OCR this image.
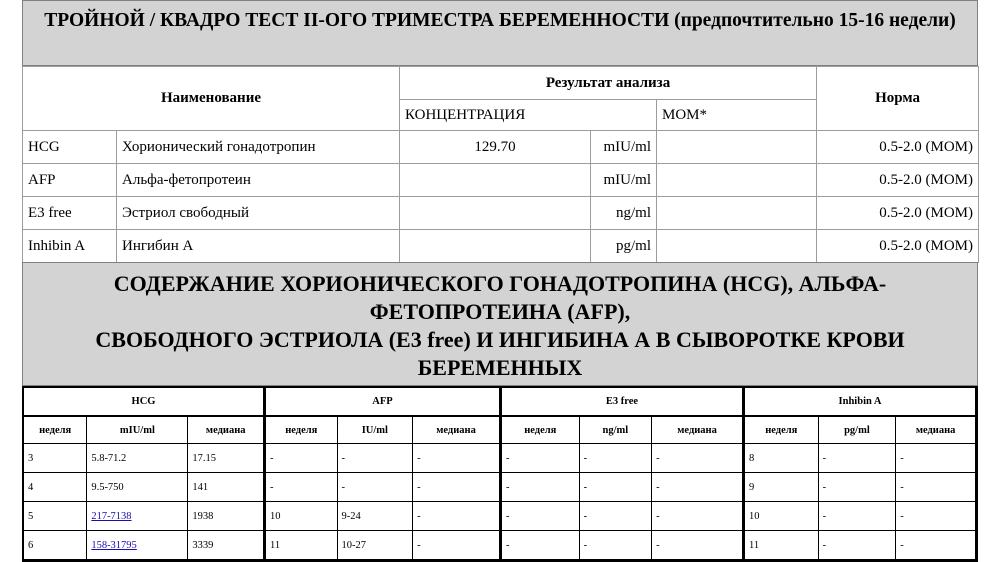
ТРОЙНОЙ / КВАДРО ТЕСТ II-ОГО ТРИМЕСТРА БЕРЕМЕННОСТИ (предпочтительно 15-16 недели)
Наименование		Результат анализа			Норма
		КОНЦЕНТРАЦИЯ		МОМ*	
HCG	Хорионический гонадотропин	129.70	mIU/ml		0.5-2.0 (МОМ)
AFP	Альфа-фетопротеин		mIU/ml		0.5-2.0 (МОМ)
E3 free	Эстриол свободный		ng/ml		0.5-2.0 (МОМ)
Inhibin A	Ингибин А		pg/ml		0.5-2.0 (МОМ)
СОДЕРЖАНИЕ ХОРИОНИЧЕСКОГО ГОНАДОТРОПИНА (HCG), АЛЬФА-
ФЕТОПРОТЕИНА (AFP),
СВОБОДНОГО ЭСТРИОЛА (E3 free) И ИНГИБИНА А В СЫВОРОТКЕ КРОВИ
БЕРЕМЕННЫХ
HCG			AFP			E3 free			Inhibin A		
неделя	mIU/ml	медиана	неделя	IU/ml	медиана	неделя	ng/ml	медиана	неделя	pg/ml	медиана
3	5.8-71.2	17.15	-	-	-	-	-	-	8	-	-
4	9.5-750	141	-	-	-	-	-	-	9	-	-
5	217-7138	1938	10	9-24	-	-	-	-	10	-	-
6	158-31795	3339	11	10-27	-	-	-	-	11	-	-
